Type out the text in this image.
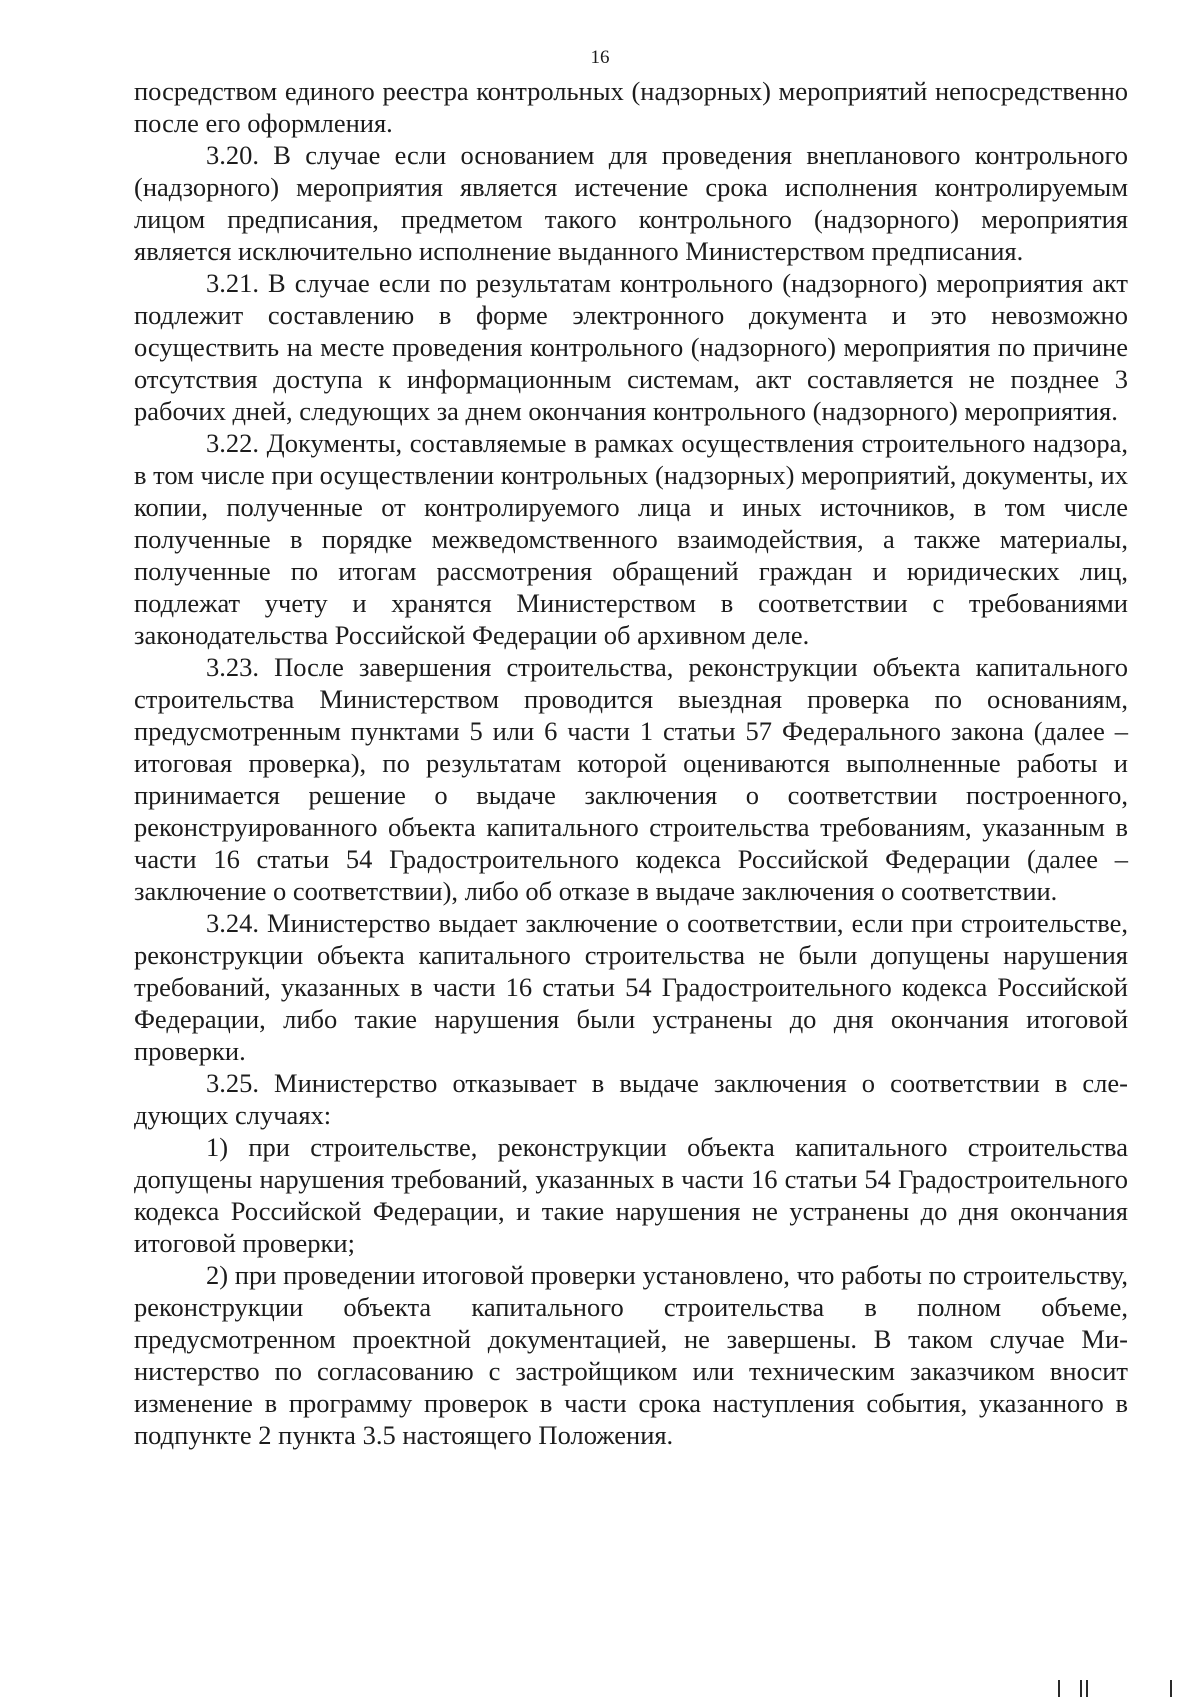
16

посредством единого реестра контрольных (надзорных) мероприятий непосредственно после его оформления.

3.20. В случае если основанием для проведения внепланового контрольного (надзорного) мероприятия является истечение срока исполнения контролируемым лицом предписания, предметом такого контрольного (надзорного) мероприятия является исключительно исполнение выданного Министерством предписания.

3.21. В случае если по результатам контрольного (надзорного) мероприятия акт подлежит составлению в форме электронного документа и это невозможно осуществить на месте проведения контрольного (надзорного) мероприятия по причине отсутствия доступа к информационным системам, акт составляется не позднее 3 рабочих дней, следующих за днем окончания контрольного (надзорного) мероприятия.

3.22. Документы, составляемые в рамках осуществления строительного надзора, в том числе при осуществлении контрольных (надзорных) мероприятий, документы, их копии, полученные от контролируемого лица и иных источников, в том числе полученные в порядке межведомственного взаимодействия, а также материалы, полученные по итогам рассмотрения обращений граждан и юридических лиц, подлежат учету и хранятся Министерством в соответствии с требованиями законодательства Российской Федерации об архивном деле.

3.23. После завершения строительства, реконструкции объекта капитального строительства Министерством проводится выездная проверка по основаниям, предусмотренным пунктами 5 или 6 части 1 статьи 57 Федерального закона (далее – итоговая проверка), по результатам которой оцениваются выполненные работы и принимается решение о выдаче заключения о соответствии построенного, реконструированного объекта капитального строительства требованиям, указанным в части 16 статьи 54 Градостроительного кодекса Российской Федерации (далее – заключение о соответствии), либо об отказе в выдаче заключения о соответствии.

3.24. Министерство выдает заключение о соответствии, если при строительстве, реконструкции объекта капитального строительства не были допущены нарушения требований, указанных в части 16 статьи 54 Градостроительного кодекса Российской Федерации, либо такие нарушения были устранены до дня окончания итоговой проверки.

3.25. Министерство отказывает в выдаче заключения о соответствии в следующих случаях:

1) при строительстве, реконструкции объекта капитального строительства допущены нарушения требований, указанных в части 16 статьи 54 Градостроительного кодекса Российской Федерации, и такие нарушения не устранены до дня окончания итоговой проверки;

2) при проведении итоговой проверки установлено, что работы по строительству, реконструкции объекта капитального строительства в полном объеме, предусмотренном проектной документацией, не завершены. В таком случае Министерство по согласованию с застройщиком или техническим заказчиком вносит изменение в программу проверок в части срока наступления события, указанного в подпункте 2 пункта 3.5 настоящего Положения.
